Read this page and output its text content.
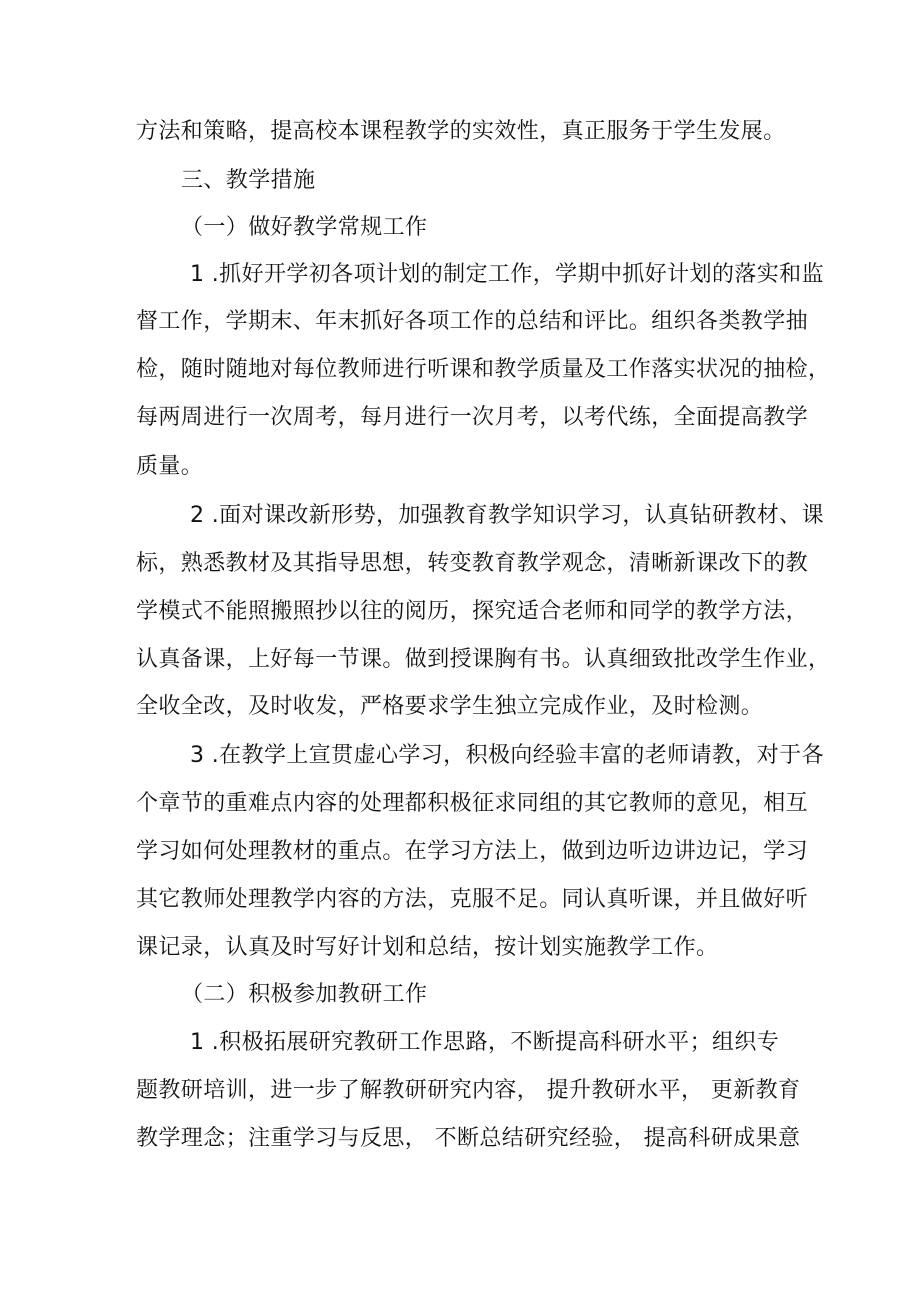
方法和策略，提高校本课程教学的实效性，真正服务于学生发展。
三、教学措施
（一）做好教学常规工作
1 .抓好开学初各项计划的制定工作，学期中抓好计划的落实和监
督工作，学期末、年末抓好各项工作的总结和评比。组织各类教学抽
检，随时随地对每位教师进行听课和教学质量及工作落实状况的抽检，
每两周进行一次周考，每月进行一次月考，以考代练，全面提高教学
质量。
2 .面对课改新形势，加强教育教学知识学习，认真钻研教材、课
标，熟悉教材及其指导思想，转变教育教学观念，清晰新课改下的教
学模式不能照搬照抄以往的阅历，探究适合老师和同学的教学方法，
认真备课，上好每一节课。做到授课胸有书。认真细致批改学生作业，
全收全改，及时收发，严格要求学生独立完成作业，及时检测。
3 .在教学上宣贯虚心学习，积极向经验丰富的老师请教，对于各
个章节的重难点内容的处理都积极征求同组的其它教师的意见，相互
学习如何处理教材的重点。在学习方法上，做到边听边讲边记，学习
其它教师处理教学内容的方法，克服不足。同认真听课，并且做好听
课记录，认真及时写好计划和总结，按计划实施教学工作。
（二）积极参加教研工作
1 .积极拓展研究教研工作思路，不断提高科研水平；组织专
题教研培训，进一步了解教研研究内容， 提升教研水平， 更新教育
教学理念；注重学习与反思， 不断总结研究经验， 提高科研成果意
